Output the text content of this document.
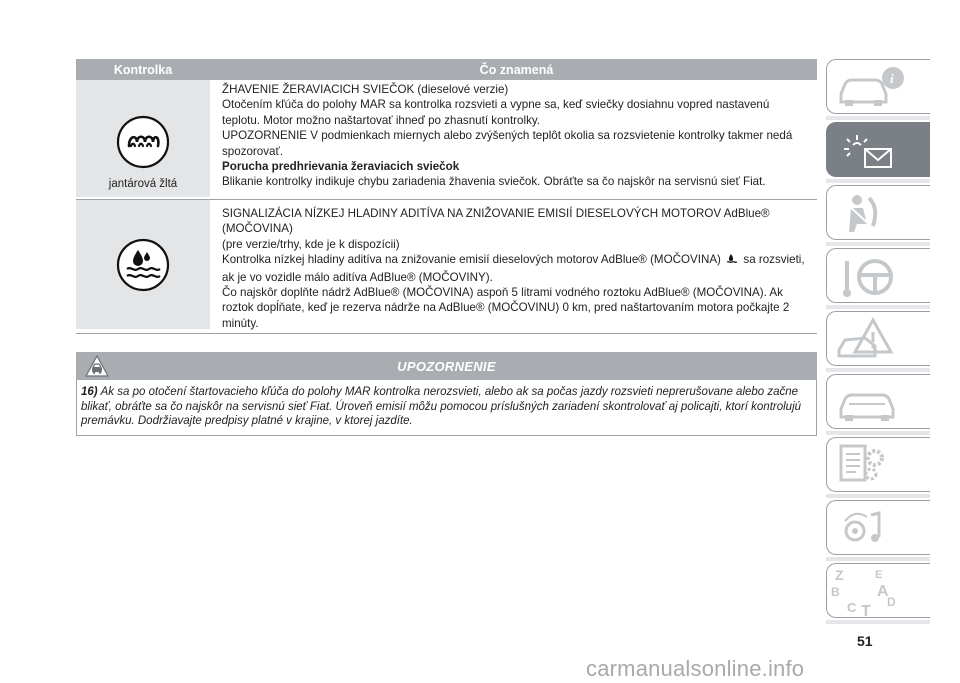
Kontrolka	Čo znamená
jantárová žltá
ŽHAVENIE ŽERAVIACICH SVIEČOK (dieselové verzie)
Otočením kľúča do polohy MAR sa kontrolka rozsvieti a vypne sa, keď sviečky dosiahnu vopred nastavenú
teplotu. Motor možno naštartovať ihneď po zhasnutí kontrolky.
UPOZORNENIE V podmienkach miernych alebo zvýšených teplôt okolia sa rozsvietenie kontrolky takmer nedá
spozorovať.
Porucha predhrievania žeraviacich sviečok
Blikanie kontrolky indikuje chybu zariadenia žhavenia sviečok. Obráťte sa čo najskôr na servisnú sieť Fiat.
SIGNALIZÁCIA NÍZKEJ HLADINY ADITÍVA NA ZNIŽOVANIE EMISIÍ DIESELOVÝCH MOTOROV AdBlue®
(MOČOVINA)
(pre verzie/trhy, kde je k dispozícii)
Kontrolka nízkej hladiny aditíva na znižovanie emisií dieselových motorov AdBlue® (MOČOVINA) sa rozsvieti,
ak je vo vozidle málo aditíva AdBlue® (MOČOVINY).
Čo najskôr doplňte nádrž AdBlue® (MOČOVINA) aspoň 5 litrami vodného roztoku AdBlue® (MOČOVINA). Ak
roztok dopĺňate, keď je rezerva nádrže na AdBlue® (MOČOVINU) 0 km, pred naštartovaním motora počkajte 2
minúty.
UPOZORNENIE
16) Ak sa po otočení štartovacieho kľúča do polohy MAR kontrolka nerozsvieti, alebo ak sa počas jazdy rozsvieti neprerušovane alebo začne blikať, obráťte sa čo najskôr na servisnú sieť Fiat. Úroveň emisií môžu pomocou príslušných zariadení skontrolovať aj policajti, ktorí kontrolujú premávku. Dodržiavajte predpisy platné v krajine, v ktorej jazdíte.
i
Z	E
B A
C T
D
51
carmanualsonline.info
